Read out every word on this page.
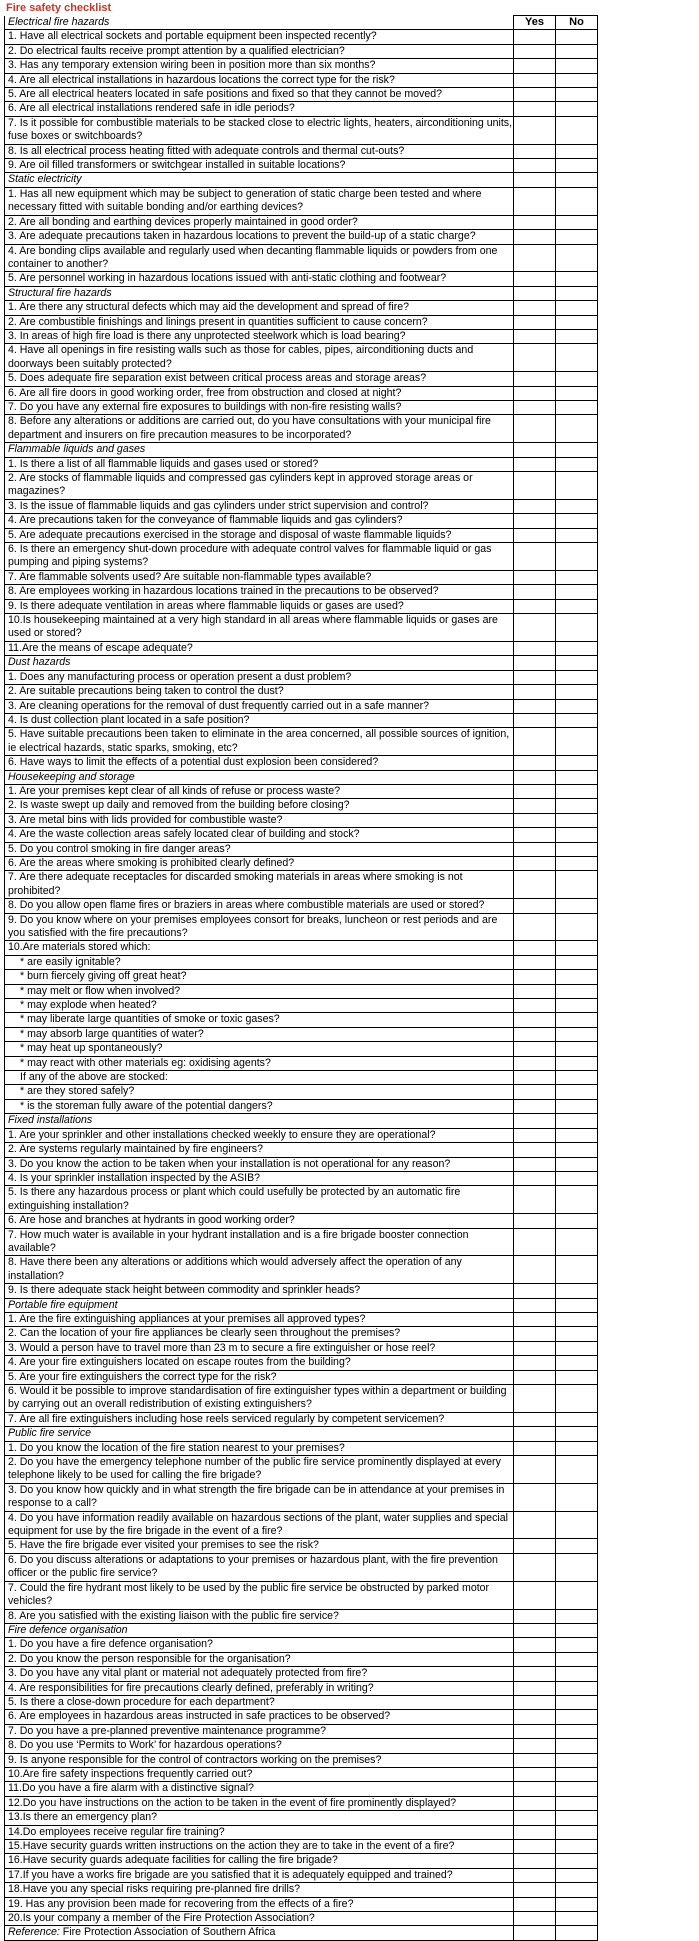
Fire safety checklist
Electrical fire hazards	Yes	No	
1. Have all electrical sockets and portable equipment been inspected recently?			
2. Do electrical faults receive prompt attention by a qualified electrician?			
3. Has any temporary extension wiring been in position more than six months?			
4. Are all electrical installations in hazardous locations the correct type for the risk?			
5. Are all electrical heaters located in safe positions and fixed so that they cannot be moved?			
6. Are all electrical installations rendered safe in idle periods?			
7. Is it possible for combustible materials to be stacked close to electric lights, heaters, airconditioning units, fuse boxes or switchboards?			
8. Is all electrical process heating fitted with adequate controls and thermal cut-outs?			
9. Are oil filled transformers or switchgear installed in suitable locations?			
Static electricity			
1. Has all new equipment which may be subject to generation of static charge been tested and where necessary fitted with suitable bonding and/or earthing devices?			
2. Are all bonding and earthing devices properly maintained in good order?			
3. Are adequate precautions taken in hazardous locations to prevent the build-up of a static charge?			
4. Are bonding clips available and regularly used when decanting flammable liquids or powders from one container to another?			
5. Are personnel working in hazardous locations issued with anti-static clothing and footwear?			
Structural fire hazards			
1. Are there any structural defects which may aid the development and spread of fire?			
2. Are combustible finishings and linings present in quantities sufficient to cause concern?			
3. In areas of high fire load is there any unprotected steelwork which is load bearing?			
4. Have all openings in fire resisting walls such as those for cables, pipes, airconditioning ducts and doorways been suitably protected?			
5. Does adequate fire separation exist between critical process areas and storage areas?			
6. Are all fire doors in good working order, free from obstruction and closed at night?			
7. Do you have any external fire exposures to buildings with non-fire resisting walls?			
8. Before any alterations or additions are carried out, do you have consultations with your municipal fire department and insurers on fire precaution measures to be incorporated?			
Flammable liquids and gases			
1. Is there a list of all flammable liquids and gases used or stored?			
2. Are stocks of flammable liquids and compressed gas cylinders kept in approved storage areas or magazines?			
3. Is the issue of flammable liquids and gas cylinders under strict supervision and control?			
4. Are precautions taken for the conveyance of flammable liquids and gas cylinders?			
5. Are adequate precautions exercised in the storage and disposal of waste flammable liquids?			
6. Is there an emergency shut-down procedure with adequate control valves for flammable liquid or gas pumping and piping systems?			
7. Are flammable solvents used? Are suitable non-flammable types available?			
8. Are employees working in hazardous locations trained in the precautions to be observed?			
9. Is there adequate ventilation in areas where flammable liquids or gases are used?			
10.Is housekeeping maintained at a very high standard in all areas where flammable liquids or gases are used or stored?			
11.Are the means of escape adequate?			
Dust hazards			
1. Does any manufacturing process or operation present a dust problem?			
2. Are suitable precautions being taken to control the dust?			
3. Are cleaning operations for the removal of dust frequently carried out in a safe manner?			
4. Is dust collection plant located in a safe position?			
5. Have suitable precautions been taken to eliminate in the area concerned, all possible sources of ignition, ie electrical hazards, static sparks, smoking, etc?			
6. Have ways to limit the effects of a potential dust explosion been considered?			
Housekeeping and storage			
1. Are your premises kept clear of all kinds of refuse or process waste?			
2. Is waste swept up daily and removed from the building before closing?			
3. Are metal bins with lids provided for combustible waste?			
4. Are the waste collection areas safely located clear of building and stock?			
5. Do you control smoking in fire danger areas?			
6. Are the areas where smoking is prohibited clearly defined?			
7. Are there adequate receptacles for discarded smoking materials in areas where smoking is not prohibited?			
8. Do you allow open flame fires or braziers in areas where combustible materials are used or stored?			
9. Do you know where on your premises employees consort for breaks, luncheon or rest periods and are you satisfied with the fire precautions?			
10.Are materials stored which:			
* are easily ignitable?			
* burn fiercely giving off great heat?			
* may melt or flow when involved?			
* may explode when heated?			
* may liberate large quantities of smoke or toxic gases?			
* may absorb large quantities of water?			
* may heat up spontaneously?			
* may react with other materials eg: oxidising agents?			
If any of the above are stocked:			
* are they stored safely?			
* is the storeman fully aware of the potential dangers?			
Fixed installations			
1. Are your sprinkler and other installations checked weekly to ensure they are operational?			
2. Are systems regularly maintained by fire engineers?			
3. Do you know the action to be taken when your installation is not operational for any reason?			
4. Is your sprinkler installation inspected by the ASIB?			
5. Is there any hazardous process or plant which could usefully be protected by an automatic fire extinguishing installation?			
6. Are hose and branches at hydrants in good working order?			
7. How much water is available in your hydrant installation and is a fire brigade booster connection available?			
8. Have there been any alterations or additions which would adversely affect the operation of any installation?			
9. Is there adequate stack height between commodity and sprinkler heads?			
Portable fire equipment			
1. Are the fire extinguishing appliances at your premises all approved types?			
2. Can the location of your fire appliances be clearly seen throughout the premises?			
3. Would a person have to travel more than 23 m to secure a fire extinguisher or hose reel?			
4. Are your fire extinguishers located on escape routes from the building?			
5. Are your fire extinguishers the correct type for the risk?			
6. Would it be possible to improve standardisation of fire extinguisher types within a department or building by carrying out an overall redistribution of existing extinguishers?			
7. Are all fire extinguishers including hose reels serviced regularly by competent servicemen?			
Public fire service			
1. Do you know the location of the fire station nearest to your premises?			
2. Do you have the emergency telephone number of the public fire service prominently displayed at every telephone likely to be used for calling the fire brigade?			
3. Do you know how quickly and in what strength the fire brigade can be in attendance at your premises in response to a call?			
4. Do you have information readily available on hazardous sections of the plant, water supplies and special equipment for use by the fire brigade in the event of a fire?			
5. Have the fire brigade ever visited your premises to see the risk?			
6. Do you discuss alterations or adaptations to your premises or hazardous plant, with the fire prevention officer or the public fire service?			
7. Could the fire hydrant most likely to be used by the public fire service be obstructed by parked motor vehicles?			
8. Are you satisfied with the existing liaison with the public fire service?			
Fire defence organisation			
1. Do you have a fire defence organisation?			
2. Do you know the person responsible for the organisation?			
3. Do you have any vital plant or material not adequately protected from fire?			
4. Are responsibilities for fire precautions clearly defined, preferably in writing?			
5. Is there a close-down procedure for each department?			
6. Are employees in hazardous areas instructed in safe practices to be observed?			
7. Do you have a pre-planned preventive maintenance programme?			
8. Do you use ‘Permits to Work’ for hazardous operations?			
9. Is anyone responsible for the control of contractors working on the premises?			
10.Are fire safety inspections frequently carried out?			
11.Do you have a fire alarm with a distinctive signal?			
12.Do you have instructions on the action to be taken in the event of fire prominently displayed?			
13.Is there an emergency plan?			
14.Do employees receive regular fire training?			
15.Have security guards written instructions on the action they are to take in the event of a fire?			
16.Have security guards adequate facilities for calling the fire brigade?			
17.If you have a works fire brigade are you satisfied that it is adequately equipped and trained?			
18.Have you any special risks requiring pre-planned fire drills?			
19. Has any provision been made for recovering from the effects of a fire?			
20.Is your company a member of the Fire Protection Association?			
Reference: Fire Protection Association of Southern Africa			
